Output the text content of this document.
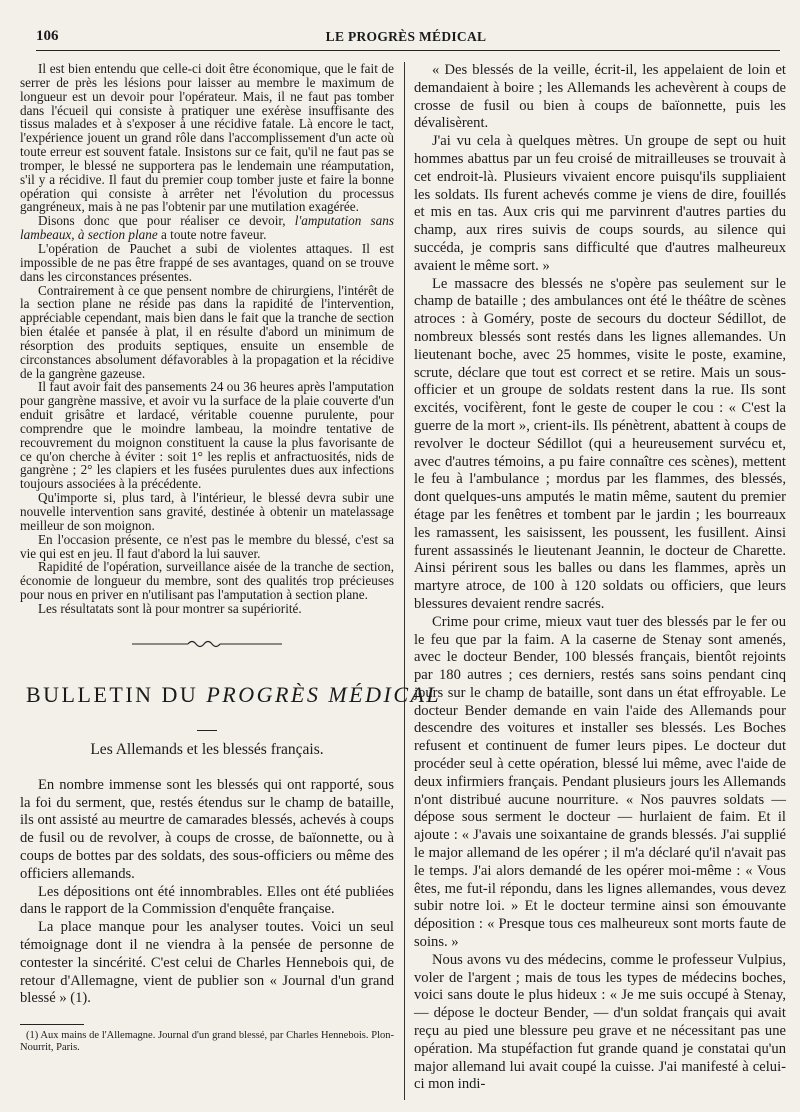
106	LE PROGRÈS MÉDICAL

Il est bien entendu que celle-ci doit être économique, que le fait de serrer de près les lésions pour laisser au membre le maximum de longueur est un devoir pour l'opérateur. Mais, il ne faut pas tomber dans l'écueil qui consiste à pratiquer une exérèse insuffisante des tissus malades et à s'exposer à une récidive fatale. Là encore le tact, l'expérience jouent un grand rôle dans l'accomplissement d'un acte où toute erreur est souvent fatale. Insistons sur ce fait, qu'il ne faut pas se tromper, le blessé ne supportera pas le lendemain une réamputation, s'il y a récidive. Il faut du premier coup tomber juste et faire la bonne opération qui consiste à arrêter net l'évolution du processus gangréneux, mais à ne pas l'obtenir par une mutilation exagérée.

Disons donc que pour réaliser ce devoir, l'amputation sans lambeaux, à section plane a toute notre faveur.

L'opération de Pauchet a subi de violentes attaques. Il est impossible de ne pas être frappé de ses avantages, quand on se trouve dans les circonstances présentes.

Contrairement à ce que pensent nombre de chirurgiens, l'intérêt de la section plane ne réside pas dans la rapidité de l'intervention, appréciable cependant, mais bien dans le fait que la tranche de section bien étalée et pansée à plat, il en résulte d'abord un minimum de résorption des produits septiques, ensuite un ensemble de circonstances absolument défavorables à la propagation et la récidive de la gangrène gazeuse.

Il faut avoir fait des pansements 24 ou 36 heures après l'amputation pour gangrène massive, et avoir vu la surface de la plaie couverte d'un enduit grisâtre et lardacé, véritable couenne purulente, pour comprendre que le moindre lambeau, la moindre tentative de recouvrement du moignon constituent la cause la plus favorisante de ce qu'on cherche à éviter : soit 1° les replis et anfractuosités, nids de gangrène ; 2° les clapiers et les fusées purulentes dues aux infections toujours associées à la précédente.

Qu'importe si, plus tard, à l'intérieur, le blessé devra subir une nouvelle intervention sans gravité, destinée à obtenir un matelassage meilleur de son moignon.

En l'occasion présente, ce n'est pas le membre du blessé, c'est sa vie qui est en jeu. Il faut d'abord la lui sauver.

Rapidité de l'opération, surveillance aisée de la tranche de section, économie de longueur du membre, sont des qualités trop précieuses pour nous en priver en n'utilisant pas l'amputation à section plane.

Les résultatats sont là pour montrer sa supériorité.

BULLETIN DU PROGRÈS MÉDICAL
Les Allemands et les blessés français.

En nombre immense sont les blessés qui ont rapporté, sous la foi du serment, que, restés étendus sur le champ de bataille, ils ont assisté au meurtre de camarades blessés, achevés à coups de fusil ou de revolver, à coups de crosse, de baïonnette, ou à coups de bottes par des soldats, des sous-officiers ou même des officiers allemands.

Les dépositions ont été innombrables. Elles ont été publiées dans le rapport de la Commission d'enquête française.

La place manque pour les analyser toutes. Voici un seul témoignage dont il ne viendra à la pensée de personne de contester la sincérité. C'est celui de Charles Hennebois qui, de retour d'Allemagne, vient de publier son « Journal d'un grand blessé » (1).

(1) Aux mains de l'Allemagne. Journal d'un grand blessé, par Charles Hennebois. Plon-Nourrit, Paris.

« Des blessés de la veille, écrit-il, les appelaient de loin et demandaient à boire ; les Allemands les achevèrent à coups de crosse de fusil ou bien à coups de baïonnette, puis les dévalisèrent.

J'ai vu cela à quelques mètres. Un groupe de sept ou huit hommes abattus par un feu croisé de mitrailleuses se trouvait à cet endroit-là. Plusieurs vivaient encore puisqu'ils suppliaient les soldats. Ils furent achevés comme je viens de dire, fouillés et mis en tas. Aux cris qui me parvinrent d'autres parties du champ, aux rires suivis de coups sourds, au silence qui succéda, je compris sans difficulté que d'autres malheureux avaient le même sort. »

Le massacre des blessés ne s'opère pas seulement sur le champ de bataille ; des ambulances ont été le théâtre de scènes atroces : à Goméry, poste de secours du docteur Sédillot, de nombreux blessés sont restés dans les lignes allemandes. Un lieutenant boche, avec 25 hommes, visite le poste, examine, scrute, déclare que tout est correct et se retire. Mais un sous-officier et un groupe de soldats restent dans la rue. Ils sont excités, vocifèrent, font le geste de couper le cou : « C'est la guerre de la mort », crient-ils. Ils pénètrent, abattent à coups de revolver le docteur Sédillot (qui a heureusement survécu et, avec d'autres témoins, a pu faire connaître ces scènes), mettent le feu à l'ambulance ; mordus par les flammes, des blessés, dont quelques-uns amputés le matin même, sautent du premier étage par les fenêtres et tombent par le jardin ; les bourreaux les ramassent, les saisissent, les poussent, les fusillent. Ainsi furent assassinés le lieutenant Jeannin, le docteur de Charette. Ainsi périrent sous les balles ou dans les flammes, après un martyre atroce, de 100 à 120 soldats ou officiers, que leurs blessures devaient rendre sacrés.

Crime pour crime, mieux vaut tuer des blessés par le fer ou le feu que par la faim. A la caserne de Stenay sont amenés, avec le docteur Bender, 100 blessés français, bientôt rejoints par 180 autres ; ces derniers, restés sans soins pendant cinq jours sur le champ de bataille, sont dans un état effroyable. Le docteur Bender demande en vain l'aide des Allemands pour descendre des voitures et installer ses blessés. Les Boches refusent et continuent de fumer leurs pipes. Le docteur dut procéder seul à cette opération, blessé lui même, avec l'aide de deux infirmiers français. Pendant plusieurs jours les Allemands n'ont distribué aucune nourriture. « Nos pauvres soldats — dépose sous serment le docteur — hurlaient de faim. Et il ajoute : « J'avais une soixantaine de grands blessés. J'ai supplié le major allemand de les opérer ; il m'a déclaré qu'il n'avait pas le temps. J'ai alors demandé de les opérer moi-même : « Vous êtes, me fut-il répondu, dans les lignes allemandes, vous devez subir notre loi. » Et le docteur termine ainsi son émouvante déposition : « Presque tous ces malheureux sont morts faute de soins. »

Nous avons vu des médecins, comme le professeur Vulpius, voler de l'argent ; mais de tous les types de médecins boches, voici sans doute le plus hideux : « Je me suis occupé à Stenay, — dépose le docteur Bender, — d'un soldat français qui avait reçu au pied une blessure peu grave et ne nécessitant pas une opération. Ma stupéfaction fut grande quand je constatai qu'un major allemand lui avait coupé la cuisse. J'ai manifesté à celui-ci mon indi-
